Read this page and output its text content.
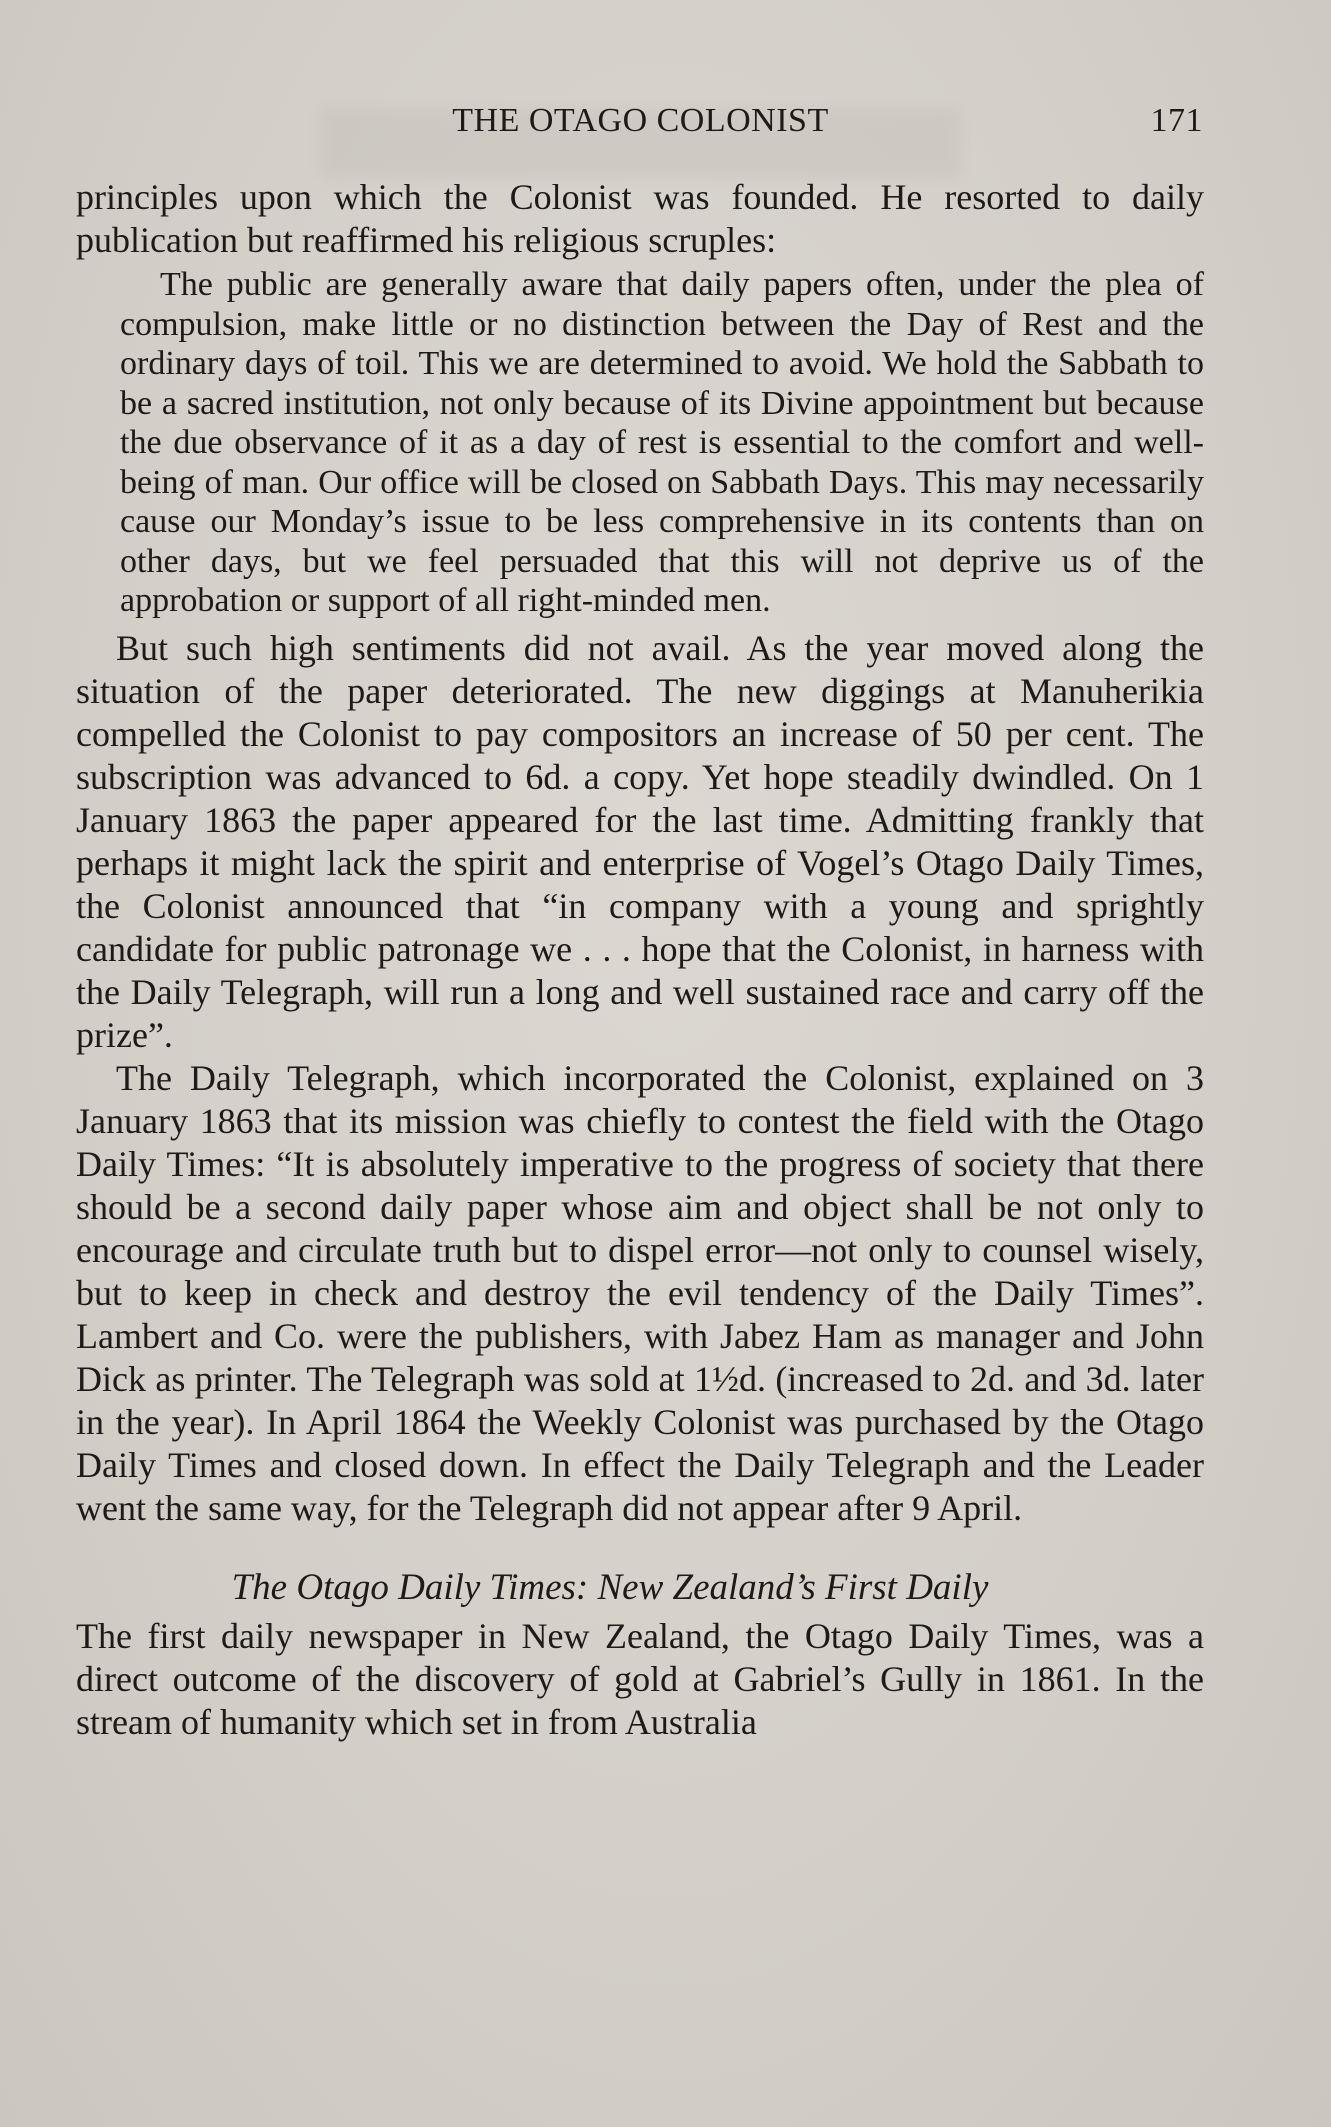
THE OTAGO COLONIST	171

principles upon which the Colonist was founded. He resorted to daily publication but reaffirmed his religious scruples:

The public are generally aware that daily papers often, under the plea of compulsion, make little or no distinction between the Day of Rest and the ordinary days of toil. This we are determined to avoid. We hold the Sabbath to be a sacred institution, not only because of its Divine appointment but because the due observance of it as a day of rest is essential to the comfort and well-being of man. Our office will be closed on Sabbath Days. This may necessarily cause our Monday’s issue to be less comprehensive in its contents than on other days, but we feel persuaded that this will not deprive us of the approbation or support of all right-minded men.

But such high sentiments did not avail. As the year moved along the situation of the paper deteriorated. The new diggings at Manuherikia compelled the Colonist to pay compositors an increase of 50 per cent. The subscription was advanced to 6d. a copy. Yet hope steadily dwindled. On 1 January 1863 the paper appeared for the last time. Admitting frankly that perhaps it might lack the spirit and enterprise of Vogel’s Otago Daily Times, the Colonist announced that “in company with a young and sprightly candidate for public patronage we . . . hope that the Colonist, in harness with the Daily Telegraph, will run a long and well sustained race and carry off the prize”.

The Daily Telegraph, which incorporated the Colonist, explained on 3 January 1863 that its mission was chiefly to contest the field with the Otago Daily Times: “It is absolutely imperative to the progress of society that there should be a second daily paper whose aim and object shall be not only to encourage and circulate truth but to dispel error—not only to counsel wisely, but to keep in check and destroy the evil tendency of the Daily Times”. Lambert and Co. were the publishers, with Jabez Ham as manager and John Dick as printer. The Telegraph was sold at 1½d. (increased to 2d. and 3d. later in the year). In April 1864 the Weekly Colonist was purchased by the Otago Daily Times and closed down. In effect the Daily Telegraph and the Leader went the same way, for the Telegraph did not appear after 9 April.

The Otago Daily Times: New Zealand’s First Daily

The first daily newspaper in New Zealand, the Otago Daily Times, was a direct outcome of the discovery of gold at Gabriel’s Gully in 1861. In the stream of humanity which set in from Australia
